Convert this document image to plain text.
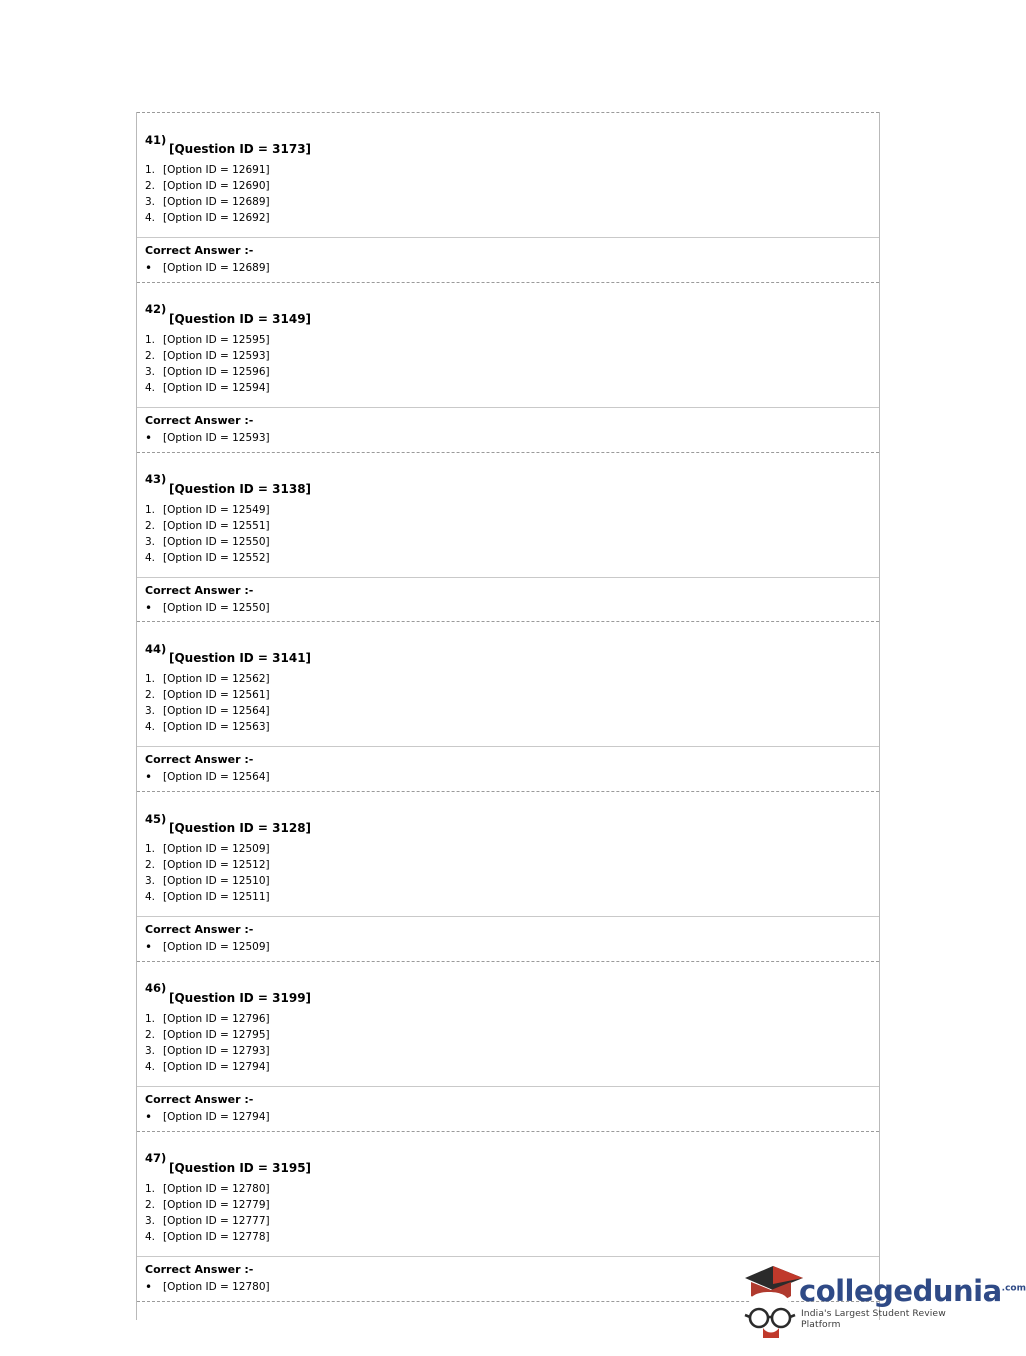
41)
[Question ID = 3173]
1. [Option ID = 12691]
2. [Option ID = 12690]
3. [Option ID = 12689]
4. [Option ID = 12692]
Correct Answer :-
•	[Option ID = 12689]
42)
[Question ID = 3149]
1. [Option ID = 12595]
2. [Option ID = 12593]
3. [Option ID = 12596]
4. [Option ID = 12594]
Correct Answer :-
•	[Option ID = 12593]
43)
[Question ID = 3138]
1. [Option ID = 12549]
2. [Option ID = 12551]
3. [Option ID = 12550]
4. [Option ID = 12552]
Correct Answer :-
•	[Option ID = 12550]
44)
[Question ID = 3141]
1. [Option ID = 12562]
2. [Option ID = 12561]
3. [Option ID = 12564]
4. [Option ID = 12563]
Correct Answer :-
•	[Option ID = 12564]
45)
[Question ID = 3128]
1. [Option ID = 12509]
2. [Option ID = 12512]
3. [Option ID = 12510]
4. [Option ID = 12511]
Correct Answer :-
•	[Option ID = 12509]
46)
[Question ID = 3199]
1. [Option ID = 12796]
2. [Option ID = 12795]
3. [Option ID = 12793]
4. [Option ID = 12794]
Correct Answer :-
•	[Option ID = 12794]
47)
[Question ID = 3195]
1. [Option ID = 12780]
2. [Option ID = 12779]
3. [Option ID = 12777]
4. [Option ID = 12778]
Correct Answer :-
•	[Option ID = 12780]	collegedunia$^{.com}$
India's Largest Student Review Platform
